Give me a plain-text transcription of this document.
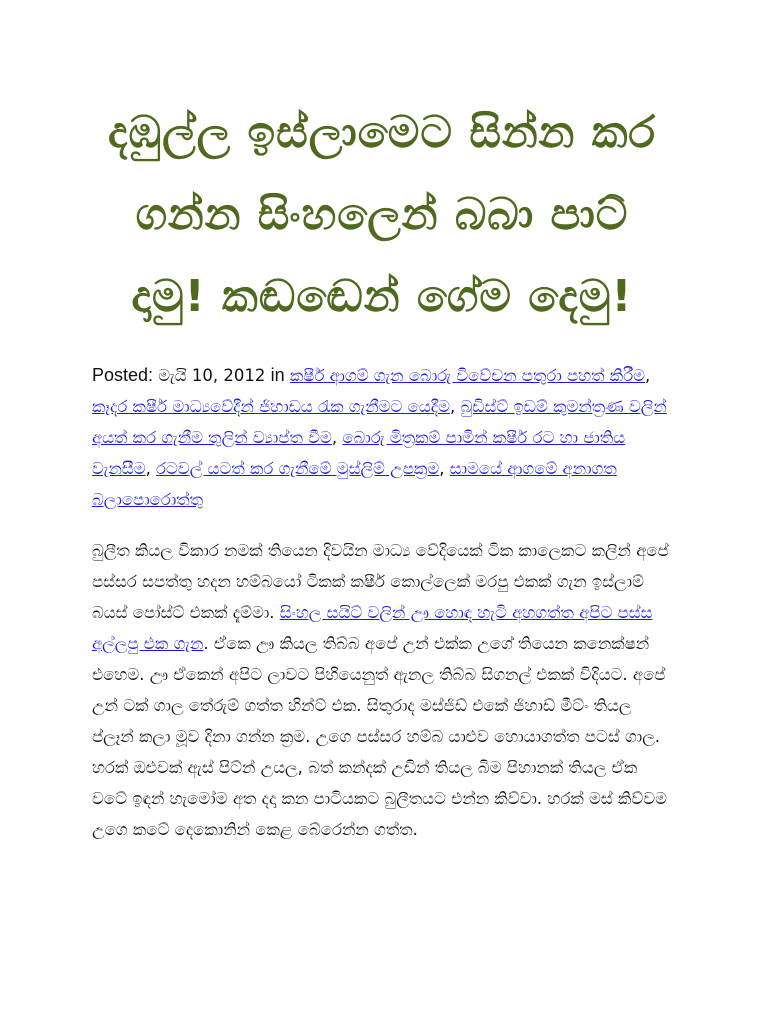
දඹුල්ල ඉස්ලාමෙට සින්න කර ගන්න සිංහලෙන් බබා පාට් දාමු! කඬඬෙන් ගේම දෙමු!
Posted: මැයි 10, 2012 in කෂීර් ආගම් ගැන බොරු විවේචන පතුරා පහත් කිරීම, කෑදර කෂීර් මාධ්‍යවේදීන් ජිහාඩය රැක ගැනීමට යෙදීම, බුඩිස්ට් ඉඩම් කුමන්ත්‍රණ වලින් අයත් කර ගැනීම තුලින් ව්‍යාප්ත වීම, බොරු මිත්‍රකම් පාමින් කෂීර් රට හා ජාතිය වැනසීම, රටවල් යටත් කර ගැනීමේ මුස්ලිම් උපක්‍රම, සාමයේ ආගමේ අනාගත බලාපොරොත්තු

බුලීත කියල විකාර නමක් තියෙන දිවයින මාධ්‍ය වේදියෙක් ටික කාලෙකට කලින් අපේ පස්සර සපත්තු හදන හම්බයෝ ටිකක් කෂීර් කොල්ලෙක් මරපු එකක් ගැන ඉස්ලාම් බයස් පෝස්ට් එකක් දැම්මා. සිංහල සයිට් වලින් ඌ හොඳ හැටි අහගත්ත අපිට පස්ස අල්ලපු එක ගැන. ඒකෙ ඌ කියල තිබ්බ අපේ උන් එක්ක උගේ තියෙන කනෙක්ෂන් එහෙම. ඌ ඒකෙන් අපිට ලාවට පිහියෙනුත් ඇනල තිබ්බ සිගනල් එකක් විදියට. අපේ උන් ටක් ගාල තේරුම් ගත්ත හින්ට් එක. සිතුරාද මස්ජිඩ් එකේ ජිහාඩ් මීට්ං තියල ප්ලෑන් කලා මූව දිනා ගන්න ක්‍රම. උගෙ පස්සර හම්බ යාළුව හොයාගත්ත පටස් ගාල. හරක් ඔළුවක් ඇස් පිට්න් උයල, බත් කන්දක් උඩින් තියල බිම පිහානක් තියල ඒක වටේ ඉඳන් හැමෝම අත දදා කන පාටියකට බුලීතයට එන්න කිව්වා. හරක් මස් කිව්වම උගෙ කටේ දෙකොනින් කෙළ බේරෙන්න ගත්ත.
